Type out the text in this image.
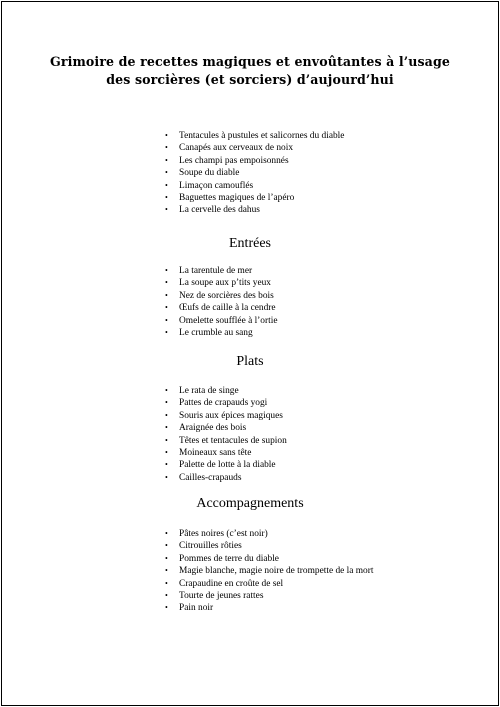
Grimoire de recettes magiques et envoûtantes à l’usage
des sorcières (et sorciers) d’aujourd’hui
• Tentacules à pustules et salicornes du diable
• Canapés aux cerveaux de noix
• Les champi pas empoisonnés
• Soupe du diable
• Limaçon camouflés
• Baguettes magiques de l’apéro
• La cervelle des dahus
Entrées
• La tarentule de mer
• La soupe aux p’tits yeux
• Nez de sorcières des bois
• Œufs de caille à la cendre
• Omelette soufflée à l’ortie
• Le crumble au sang
Plats
• Le rata de singe
• Pattes de crapauds yogi
• Souris aux épices magiques
• Araignée des bois
• Têtes et tentacules de supion
• Moineaux sans tête
• Palette de lotte à la diable
• Cailles-crapauds
Accompagnements
• Pâtes noires (c’est noir)
• Citrouilles rôties
• Pommes de terre du diable
• Magie blanche, magie noire de trompette de la mort
• Crapaudine en croûte de sel
• Tourte de jeunes rattes
• Pain noir
